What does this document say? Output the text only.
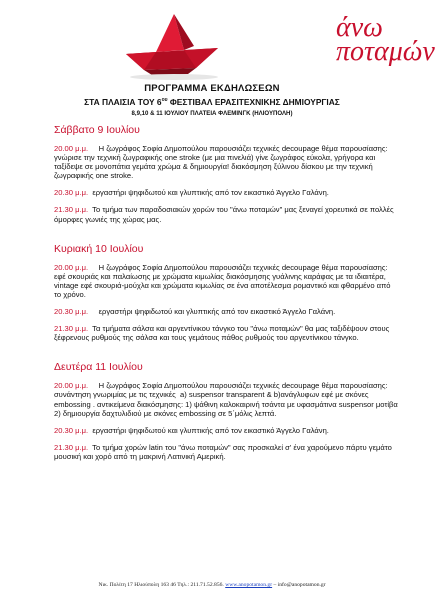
άνω
ποταμών
ΠΡΟΓΡΑΜΜΑ ΕΚΔΗΛΩΣΕΩΝ
ΣΤΑ ΠΛΑΙΣΙΑ ΤΟΥ $6^{o\upsilon}$ ΦΕΣΤΙΒΑΛ ΕΡΑΣΙΤΕΧΝΙΚΗΣ ΔΗΜΙΟΥΡΓΙΑΣ
8,9,10 & 11 ΙΟΥΛΙΟΥ ΠΛΑΤΕΙΑ ΦΛΕΜΙΝΓΚ (ΗΛΙΟΥΠΟΛΗ)
Σάββατο 9 Ιουλίου
20.00 μ.μ.     Η ζωγράφος Σοφία Δημοπούλου παρουσιάζει τεχνικές decoupage θέμα παρουσίασης: γνώρισε την τεχνική ζωγραφικής one stroke (με μια πινελιά) γίνε ζωγράφος εύκολα, γρήγορα και ταξίδεψε σε μονοπάτια γεμάτα χρώμα & δημιουργία! διακόσμηση ξύλινου δίσκου με την τεχνική ζωγραφικής one stroke.
20.30 μ.μ.  εργαστήρι ψηφιδωτού και γλυπτικής από τον εικαστικό Άγγελο Γαλάνη.
21.30 μ.μ.  Το τμήμα των παραδοσιακών χορών του "άνω ποταμών" μας ξεναγεί χορευτικά σε πολλές όμορφες γωνιές της χώρας μας.
Κυριακή 10 Ιουλίου
20.00 μ.μ.     Η ζωγράφος Σοφία Δημοπούλου παρουσιάζει τεχνικές decoupage θέμα παρουσίασης: εφέ σκουριάς και παλαίωσης με χρώματα κιμωλίας διακόσμησης γυάλινης καράφας με τα ιδιαιτέρα, vintage εφέ σκουριά-μούχλα και χρώματα κιμωλίας σε ένα αποτέλεσμα ρομαντικό και φθαρμένο από το χρόνο.
20.30 μ.μ.     εργαστήρι ψηφιδωτού και γλυπτικής από τον εικαστικό Άγγελο Γαλάνη.
21.30 μ.μ.  Τα τμήματα σάλσα και αργεντίνικου τάνγκο του "άνω ποταμών" θα μας ταξιδέψουν στους ξέφρενους ρυθμούς της σάλσα και τους γεμάτους πάθος ρυθμούς του αργεντίνικου τάνγκο.
Δευτέρα 11 Ιουλίου
20.00 μ.μ.     Η ζωγράφος Σοφία Δημοπούλου παρουσιάζει τεχνικές decoupage θέμα παρουσίασης: συνάντηση γνωριμίας με τις τεχνικές  a) suspensor transparent & b)ανάγλυφων εφέ με σκόνες embossing . αντικείμενα διακόσμησης: 1) ψάθινη καλοκαιρινή τσάντα με υφασμάτινα suspensor μοτίβα  2) δημιουργία δαχτυλιδιού με σκόνες embossing σε 5΄μόλις λεπτά.
20.30 μ.μ.  εργαστήρι ψηφιδωτού και γλυπτικής από τον εικαστικό Άγγελο Γαλάνη.
21.30 μ.μ.  Το τμήμα χορών latin του "άνω ποταμών" σας προσκαλεί σ' ένα χαρούμενο πάρτυ γεμάτο μουσική και χορό από τη μακρινή Λατινική Αμερική.
Νικ. Πολίτη 17 Ηλιούπολη 163 46 Τηλ.: 211.71.52.856. www.anopotamon.gr – info@anopotamon.gr
